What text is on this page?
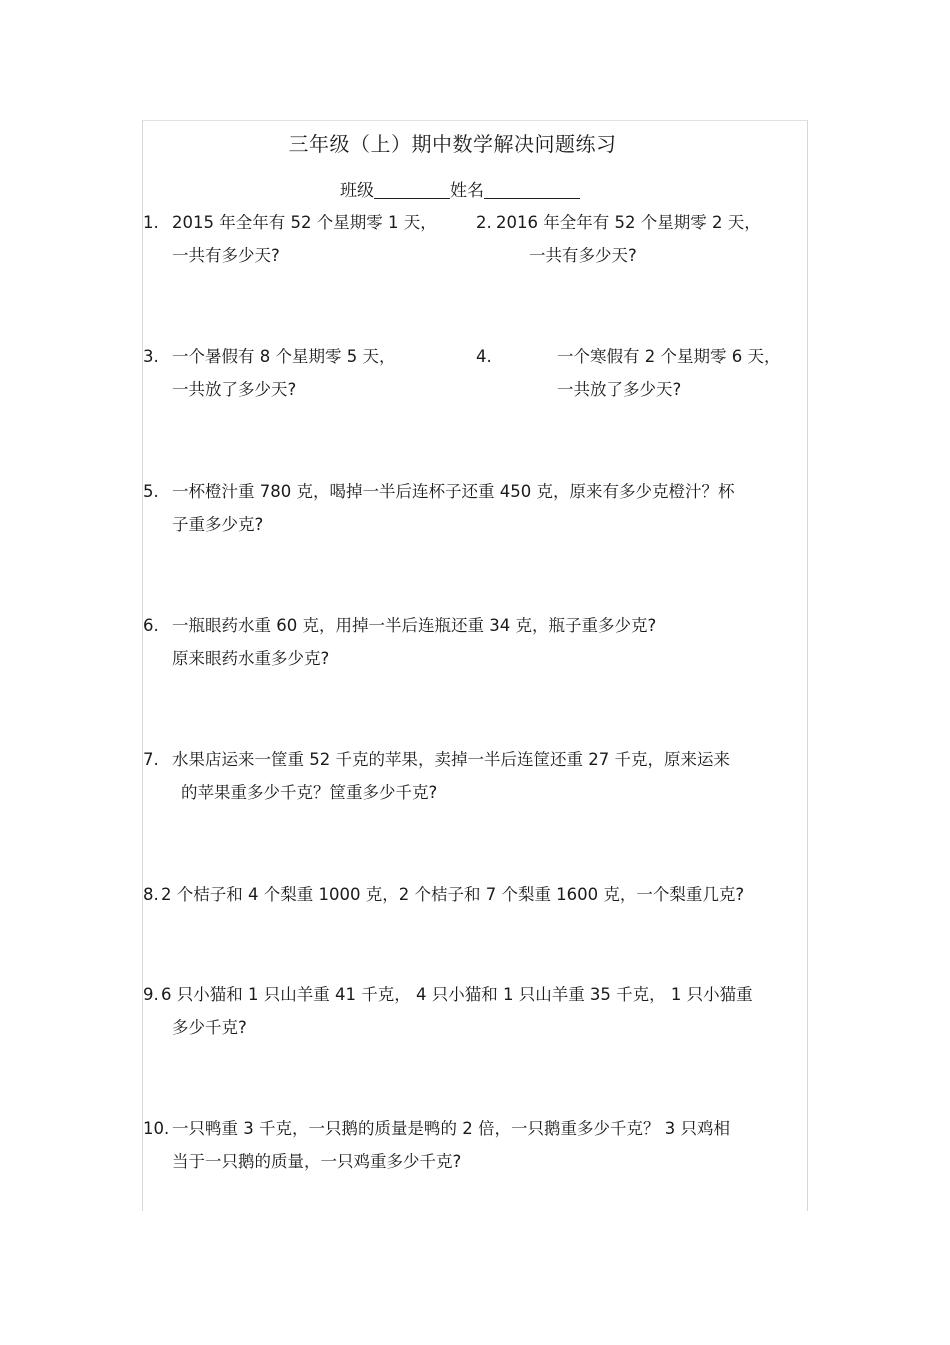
三年级（上）期中数学解决问题练习
班级	姓名
1. 2015 年全年有 52 个星期零 1 天，
一共有多少天?
2. 2016 年全年有 52 个星期零 2 天，
一共有多少天?
3. 一个暑假有 8 个星期零 5 天，
一共放了多少天?
4.	一个寒假有 2 个星期零 6 天，
一共放了多少天?
5. 一杯橙汁重 780 克，喝掉一半后连杯子还重 450 克，原来有多少克橙汁？杯
子重多少克?
6. 一瓶眼药水重 60 克，用掉一半后连瓶还重 34 克，瓶子重多少克?
原来眼药水重多少克?
7. 水果店运来一筐重 52 千克的苹果，卖掉一半后连筐还重 27 千克，原来运来
的苹果重多少千克？筐重多少千克?
8. 2 个桔子和 4 个梨重 1000 克，2 个桔子和 7 个梨重 1600 克，一个梨重几克?
9. 6 只小猫和 1 只山羊重 41 千克， 4 只小猫和 1 只山羊重 35 千克， 1 只小猫重
多少千克?
10. 一只鸭重 3 千克，一只鹅的质量是鸭的 2 倍，一只鹅重多少千克？ 3 只鸡相
当于一只鹅的质量，一只鸡重多少千克?
